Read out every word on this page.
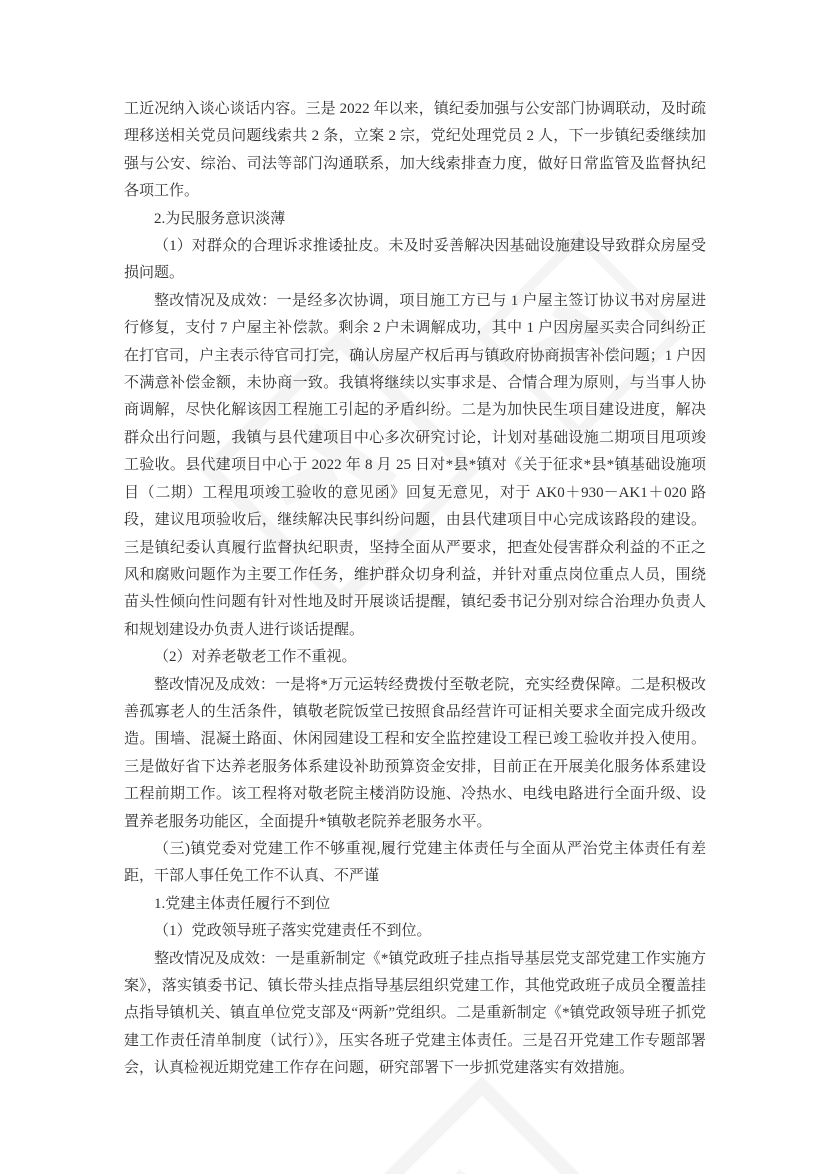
工近况纳入谈心谈话内容。三是 2022 年以来，镇纪委加强与公安部门协调联动，及时疏理移送相关党员问题线索共 2 条，立案 2 宗，党纪处理党员 2 人，下一步镇纪委继续加强与公安、综治、司法等部门沟通联系，加大线索排查力度，做好日常监管及监督执纪各项工作。

2.为民服务意识淡薄

（1）对群众的合理诉求推诿扯皮。未及时妥善解决因基础设施建设导致群众房屋受损问题。

整改情况及成效：一是经多次协调，项目施工方已与 1 户屋主签订协议书对房屋进行修复，支付 7 户屋主补偿款。剩余 2 户未调解成功，其中 1 户因房屋买卖合同纠纷正在打官司，户主表示待官司打完，确认房屋产权后再与镇政府协商损害补偿问题；1 户因不满意补偿金额，未协商一致。我镇将继续以实事求是、合情合理为原则，与当事人协商调解，尽快化解该因工程施工引起的矛盾纠纷。二是为加快民生项目建设进度，解决群众出行问题，我镇与县代建项目中心多次研究讨论，计划对基础设施二期项目甩项竣工验收。县代建项目中心于 2022 年 8 月 25 日对*县*镇对《关于征求*县*镇基础设施项目（二期）工程甩项竣工验收的意见函》回复无意见，对于 AK0＋930－AK1＋020 路段，建议甩项验收后，继续解决民事纠纷问题，由县代建项目中心完成该路段的建设。三是镇纪委认真履行监督执纪职责，坚持全面从严要求，把查处侵害群众利益的不正之风和腐败问题作为主要工作任务，维护群众切身利益，并针对重点岗位重点人员，围绕苗头性倾向性问题有针对性地及时开展谈话提醒，镇纪委书记分别对综合治理办负责人和规划建设办负责人进行谈话提醒。

（2）对养老敬老工作不重视。

整改情况及成效：一是将*万元运转经费拨付至敬老院，充实经费保障。二是积极改善孤寡老人的生活条件，镇敬老院饭堂已按照食品经营许可证相关要求全面完成升级改造。围墙、混凝土路面、休闲园建设工程和安全监控建设工程已竣工验收并投入使用。三是做好省下达养老服务体系建设补助预算资金安排，目前正在开展美化服务体系建设工程前期工作。该工程将对敬老院主楼消防设施、冷热水、电线电路进行全面升级、设置养老服务功能区，全面提升*镇敬老院养老服务水平。

（三)镇党委对党建工作不够重视,履行党建主体责任与全面从严治党主体责任有差距，干部人事任免工作不认真、不严谨

1.党建主体责任履行不到位

（1）党政领导班子落实党建责任不到位。

整改情况及成效：一是重新制定《*镇党政班子挂点指导基层党支部党建工作实施方案》，落实镇委书记、镇长带头挂点指导基层组织党建工作，其他党政班子成员全覆盖挂点指导镇机关、镇直单位党支部及“两新”党组织。二是重新制定《*镇党政领导班子抓党建工作责任清单制度（试行）》，压实各班子党建主体责任。三是召开党建工作专题部署会，认真检视近期党建工作存在问题，研究部署下一步抓党建落实有效措施。
